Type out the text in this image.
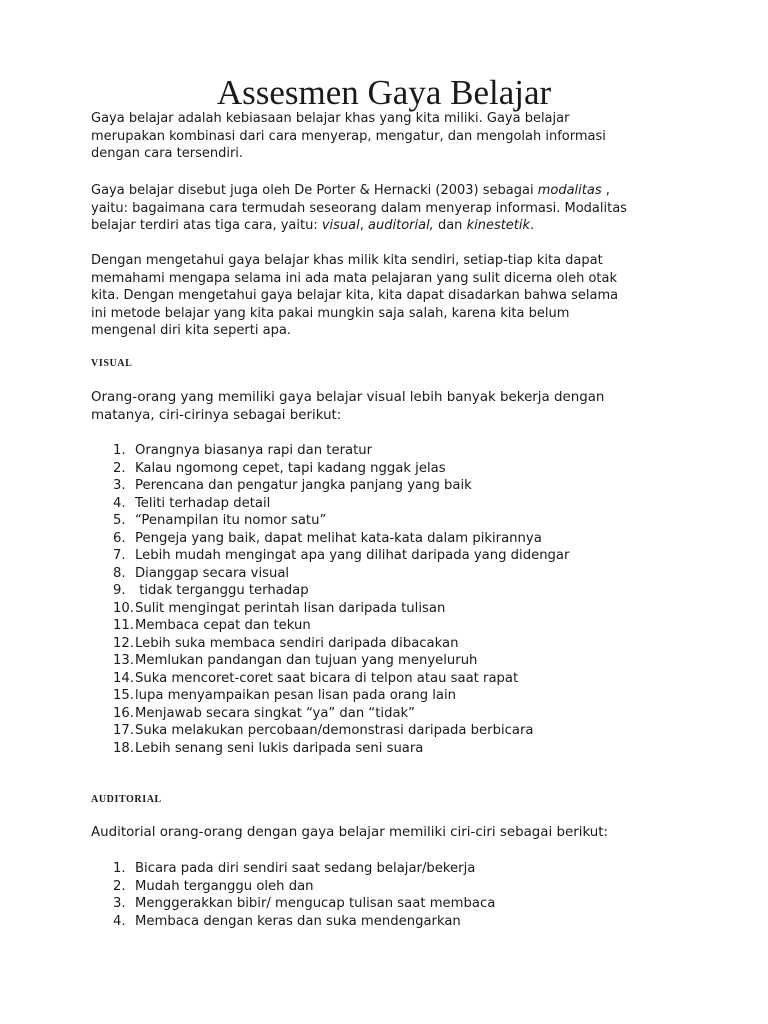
Assesmen Gaya Belajar
Gaya belajar adalah kebiasaan belajar khas yang kita miliki. Gaya belajar
merupakan kombinasi dari cara menyerap, mengatur, dan mengolah informasi
dengan cara tersendiri.
Gaya belajar disebut juga oleh De Porter & Hernacki (2003) sebagai modalitas ,
yaitu: bagaimana cara termudah seseorang dalam menyerap informasi. Modalitas
belajar terdiri atas tiga cara, yaitu: visual, auditorial, dan kinestetik.
Dengan mengetahui gaya belajar khas milik kita sendiri, setiap-tiap kita dapat
memahami mengapa selama ini ada mata pelajaran yang sulit dicerna oleh otak
kita. Dengan mengetahui gaya belajar kita, kita dapat disadarkan bahwa selama
ini metode belajar yang kita pakai mungkin saja salah, karena kita belum
mengenal diri kita seperti apa.
VISUAL
Orang-orang yang memiliki gaya belajar visual lebih banyak bekerja dengan
matanya, ciri-cirinya sebagai berikut:
1. Orangnya biasanya rapi dan teratur
2. Kalau ngomong cepet, tapi kadang nggak jelas
3. Perencana dan pengatur jangka panjang yang baik
4. Teliti terhadap detail
5. “Penampilan itu nomor satu”
6. Pengeja yang baik, dapat melihat kata-kata dalam pikirannya
7. Lebih mudah mengingat apa yang dilihat daripada yang didengar
8. Dianggap secara visual
9. tidak terganggu terhadap
10. Sulit mengingat perintah lisan daripada tulisan
11. Membaca cepat dan tekun
12. Lebih suka membaca sendiri daripada dibacakan
13. Memlukan pandangan dan tujuan yang menyeluruh
14. Suka mencoret-coret saat bicara di telpon atau saat rapat
15. lupa menyampaikan pesan lisan pada orang lain
16. Menjawab secara singkat “ya” dan “tidak”
17. Suka melakukan percobaan/demonstrasi daripada berbicara
18. Lebih senang seni lukis daripada seni suara
AUDITORIAL
Auditorial orang-orang dengan gaya belajar memiliki ciri-ciri sebagai berikut:
1. Bicara pada diri sendiri saat sedang belajar/bekerja
2. Mudah terganggu oleh dan
3. Menggerakkan bibir/ mengucap tulisan saat membaca
4. Membaca dengan keras dan suka mendengarkan
